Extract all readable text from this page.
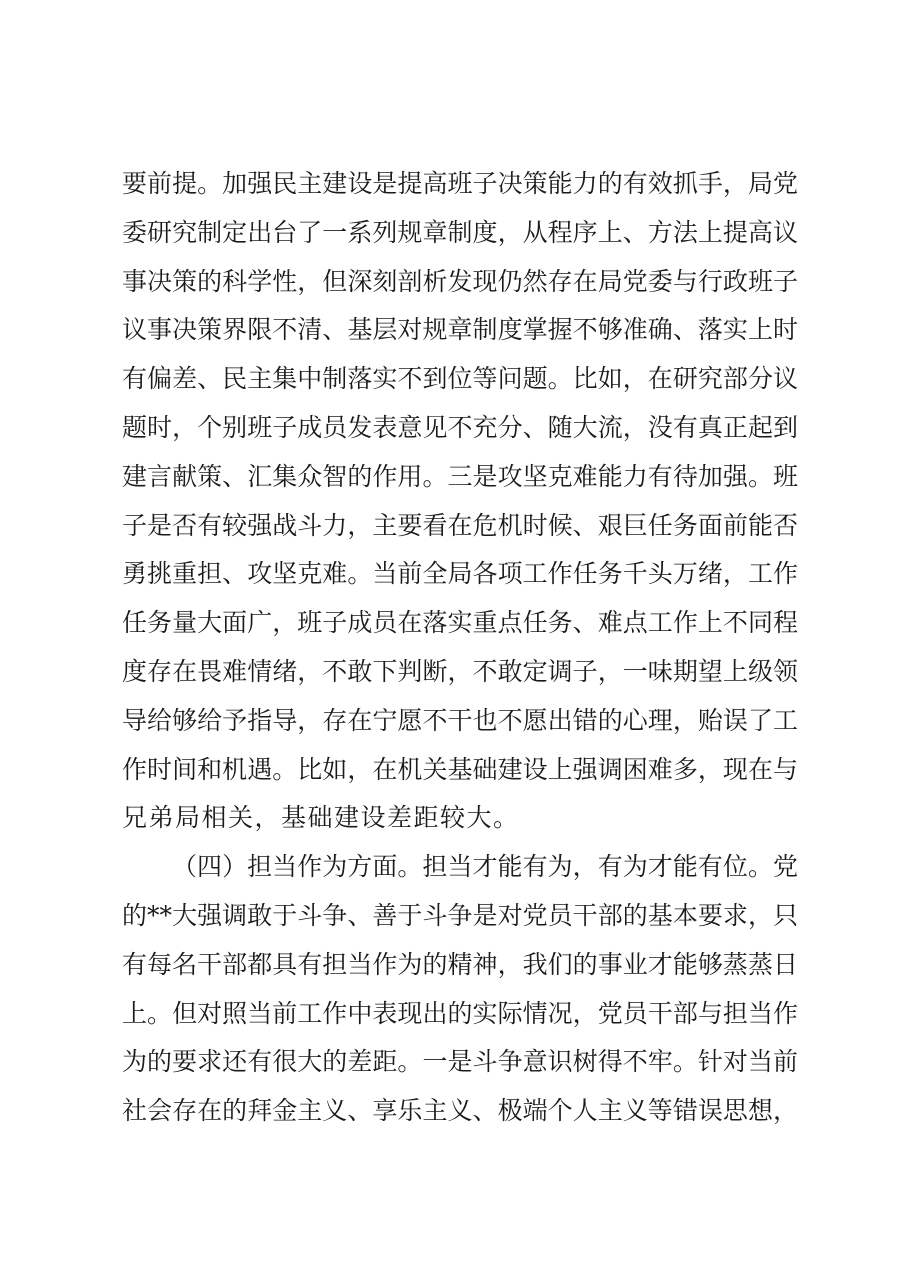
要前提。加强民主建设是提高班子决策能力的有效抓手，局党
委研究制定出台了一系列规章制度，从程序上、方法上提高议
事决策的科学性，但深刻剖析发现仍然存在局党委与行政班子
议事决策界限不清、基层对规章制度掌握不够准确、落实上时
有偏差、民主集中制落实不到位等问题。比如，在研究部分议
题时，个别班子成员发表意见不充分、随大流，没有真正起到
建言献策、汇集众智的作用。三是攻坚克难能力有待加强。班
子是否有较强战斗力，主要看在危机时候、艰巨任务面前能否
勇挑重担、攻坚克难。当前全局各项工作任务千头万绪，工作
任务量大面广，班子成员在落实重点任务、难点工作上不同程
度存在畏难情绪，不敢下判断，不敢定调子，一味期望上级领
导给够给予指导，存在宁愿不干也不愿出错的心理，贻误了工
作时间和机遇。比如，在机关基础建设上强调困难多，现在与
兄弟局相关，基础建设差距较大。
（四）担当作为方面。担当才能有为，有为才能有位。党
的**大强调敢于斗争、善于斗争是对党员干部的基本要求，只
有每名干部都具有担当作为的精神，我们的事业才能够蒸蒸日
上。但对照当前工作中表现出的实际情况，党员干部与担当作
为的要求还有很大的差距。一是斗争意识树得不牢。针对当前
社会存在的拜金主义、享乐主义、极端个人主义等错误思想，
